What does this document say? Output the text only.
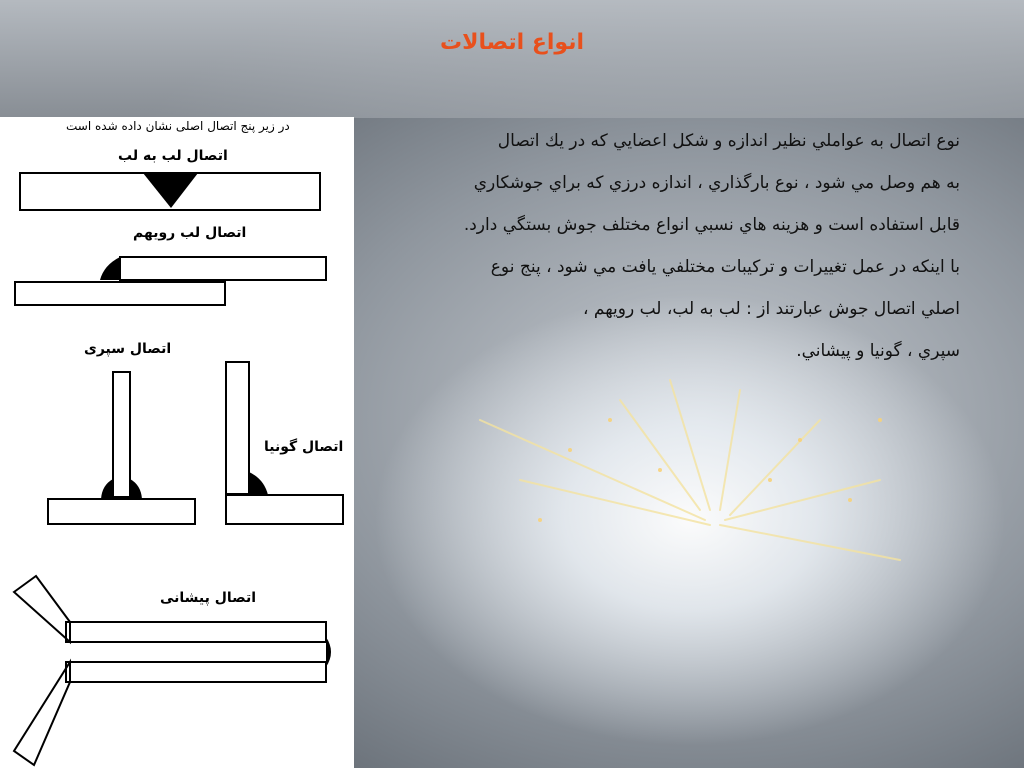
انواع اتصالات
نوع اتصال به عواملي نظير اندازه و شكل اعضايي كه در يك اتصال
به هم وصل مي شود ، نوع بارگذاري ، اندازه درزي كه براي جوشكاري
قابل استفاده است و هزينه هاي نسبي انواع مختلف جوش بستگي دارد.
با اينكه در عمل تغييرات و تركيبات مختلفي يافت مي شود ، پنج نوع
اصلي اتصال جوش عبارتند از : لب به لب، لب رويهم ،
سپري ، گونيا و پيشاني.
در زیر پنج اتصال اصلی نشان داده شده است
اتصال لب به لب
اتصال لب رویهم
اتصال سپری
اتصال گونیا
اتصال پیشانی
